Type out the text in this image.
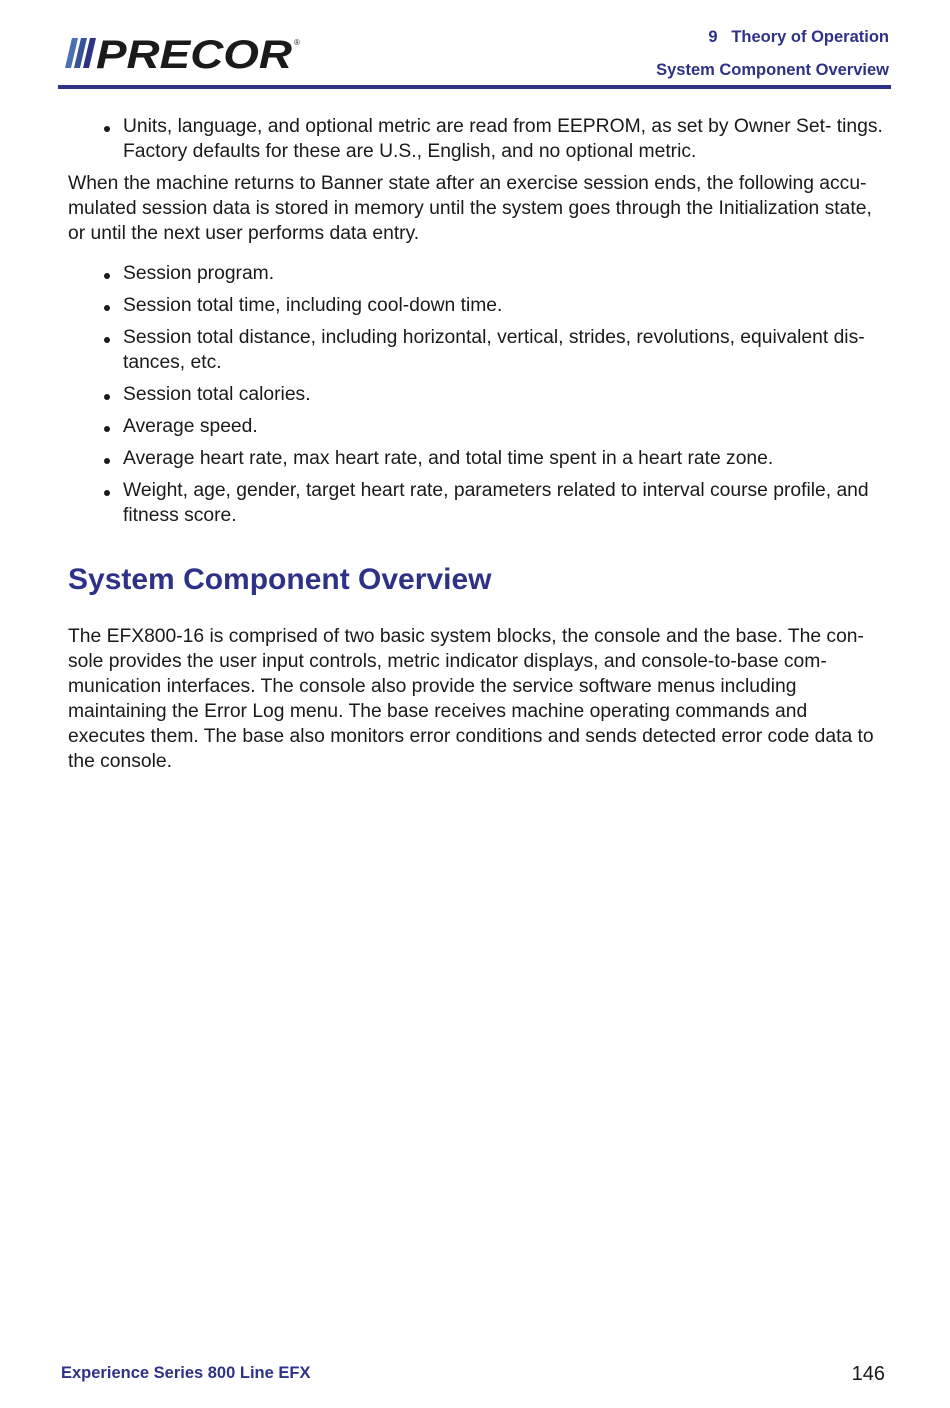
PRECOR ®	9   Theory of Operation
System Component Overview
Units, language, and optional metric are read from EEPROM, as set by Owner Set- tings. Factory defaults for these are U.S., English, and no optional metric.

When the machine returns to Banner state after an exercise session ends, the following accu- mulated session data is stored in memory until the system goes through the Initialization state, or until the next user performs data entry.

Session program.
Session total time, including cool-down time.
Session total distance, including horizontal, vertical, strides, revolutions, equivalent dis- tances, etc.
Session total calories.
Average speed.
Average heart rate, max heart rate, and total time spent in a heart rate zone.
Weight, age, gender, target heart rate, parameters related to interval course profile, and fitness score.
System Component Overview

The EFX800-16 is comprised of two basic system blocks, the console and the base. The con- sole provides the user input controls, metric indicator displays, and console-to-base com- munication interfaces. The console also provide the service software menus including maintaining the Error Log menu. The base receives machine operating commands and executes them. The base also monitors error conditions and sends detected error code data to the console.

Experience Series 800 Line EFX	146
